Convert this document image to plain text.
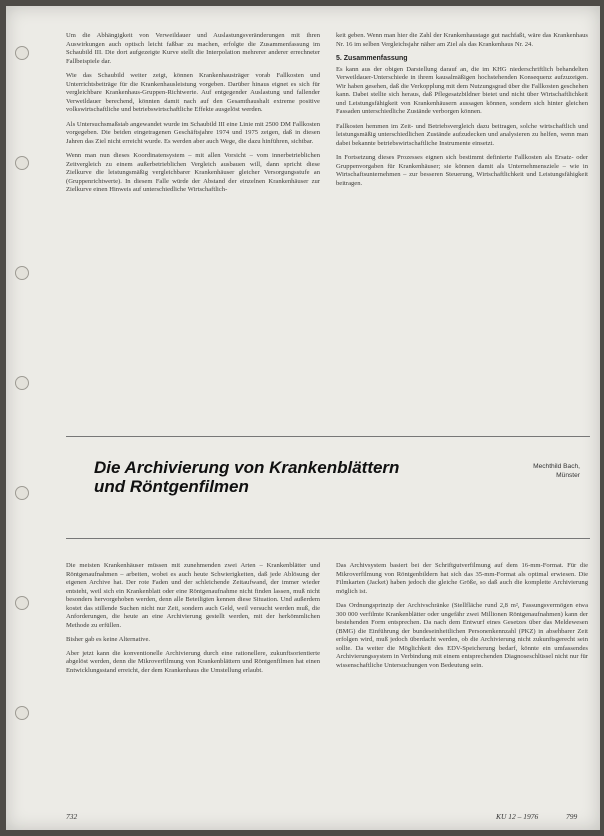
Um die Abhängigkeit von Verweildauer und Auslastungsveränderungen mit ihren Auswirkungen auch optisch leicht faßbar zu machen, erfolgte die Zusammenfassung im Schaubild III. Die dort aufgezeigte Kurve stellt die Interpolation mehrerer anderer errechneter Fallbeispiele dar.

Wie das Schaubild weiter zeigt, können Krankenhausträger vorab Fallkosten und Unterrichtsbeiträge für die Krankenhausleistung vorgeben. Darüber hinaus eignet es sich für vergleichbare Krankenhaus-Gruppen-Richtwerte. Auf entgegender Auslastung und fallender Verweildauer berechend, könnten damit nach auf den Gesamthaushalt extreme positive volkswirtschaftliche und betriebswirtschaftliche Effekte ausgelöst werden.

Als Untersuchsmaßstab angewandet wurde im Schaubild III eine Linie mit 2500 DM Fallkosten vorgegeben. Die beiden eingetragenen Geschäftsjahre 1974 und 1975 zeigen, daß in diesen Jahren das Ziel nicht erreicht wurde. Es werden aber auch Wege, die dazu hinführen, sichtbar.

Wenn man nun dieses Koordinatensystem – mit allen Vorsicht – vom innerbetrieblichen Zeitvergleich zu einem außerbetrieblichen Vergleich ausbauen will, dann spricht diese Zielkurve die leistungsmäßig vergleichbarer Krankenhäuser gleicher Versorgungsstufe an (Gruppenrichtwerte). In diesem Falle würde der Abstand der einzelnen Krankenhäuser zur Zielkurve einen Hinweis auf unterschiedliche Wirtschaftlich-

keit geben. Wenn man hier die Zahl der Krankenhaustage gut nachfaßt, wäre das Krankenhaus Nr. 16 im selben Vergleichsjahr näher am Ziel als das Krankenhaus Nr. 24.

5. Zusammenfassung

Es kann aus der obigen Darstellung darauf an, die im KHG niederschriftlich behandelten Verweildauer-Unterschiede in ihrem kausalmäßigen hochstehenden Konsequenz aufzuzeigen. Wir haben gesehen, daß die Verkopplung mit dem Nutzungsgrad über die Fallkosten geschehen kann. Dabei stellte sich heraus, daß Pflegesatzbildner bietet und nicht über Wirtschaftlichkeit und Leistungsfähigkeit von Krankenhäusern aussagen können, sondern sich hinter gleichen Fassaden unterschiedliche Zustände verborgen können.

Fallkosten hemmen im Zeit- und Betriebsvergleich dazu beitragen, solche wirtschaftlich und leistungsmäßig unterschiedlichen Zustände aufzudecken und analysieren zu helfen, wenn man dabei bekannte betriebswirtschaftliche Instrumente einsetzt.

In Fortsetzung dieses Prozesses eignen sich bestimmt definierte Fallkosten als Ersatz- oder Gruppenvorgaben für Krankenhäuser; sie können damit als Unternehmensziele – wie in Wirtschaftsunternehmen – zur besseren Steuerung, Wirtschaftlichkeit und Leistungsfähigkeit beitragen.

Die Archivierung von Krankenblättern
und Röntgenfilmen
Mechthild Bach,
Münster

Die meisten Krankenhäuser müssen mit zunehmenden zwei Arten – Krankenblätter und Röntgenaufnahmen – arbeiten, wobei es auch heute Schwierigkeiten, daß jede Ablösung der eigenen Archive hat. Der rote Faden und der schleichende Zeitaufwand, der immer wieder entsteht, weil sich ein Krankenblatt oder eine Röntgenaufnahme nicht finden lassen, muß nicht besonders hervorgehoben werden, denn alle Beteiligten kennen diese Situation. Und außerdem kostet das stillende Suchen nicht nur Zeit, sondern auch Geld, weil versucht werden muß, die Anforderungen, die heute an eine Archivierung gestellt werden, mit der herkömmlichen Methode zu erfüllen.

Bisher gab es keine Alternative.

Aber jetzt kann die konventionelle Archivierung durch eine rationellere, zukunftsorientierte abgelöst werden, denn die Mikroverfilmung von Krankenblättern und Röntgenfilmen hat einen Entwicklungsstand erreicht, der dem Krankenhaus die Umstellung erlaubt.

Das Archivsystem basiert bei der Schriftgutverfilmung auf dem 16-mm-Format. Für die Mikroverfilmung von Röntgenbildern hat sich das 35-mm-Format als optimal erwiesen. Die Filmkarten (Jacket) haben jedoch die gleiche Größe, so daß auch die komplette Archivierung möglich ist.

Das Ordnungsprinzip der Archivschränke (Stellfläche rund 2,8 m², Fassungsvermögen etwa 300 000 verfilmte Krankenblätter oder ungefähr zwei Millionen Röntgenaufnahmen) kann der bestehenden Form entsprechen. Da nach dem Entwurf eines Gesetzes über das Meldewesen (BMG) die Einführung der bundeseinheitlichen Personenkennzahl (PKZ) in absehbarer Zeit erfolgen wird, muß jedoch überdacht werden, ob die Archivierung nicht zukunftsgerecht sein sollte. Da weiter die Möglichkeit des EDV-Speicherung bedarf, könnte ein umfassendes Archivierungssystem in Verbindung mit einem entsprechenden Diagnoseschlüssel nicht nur für wissenschaftliche Untersuchungen von Bedeutung sein.

732	KU 12 – 1976	799
